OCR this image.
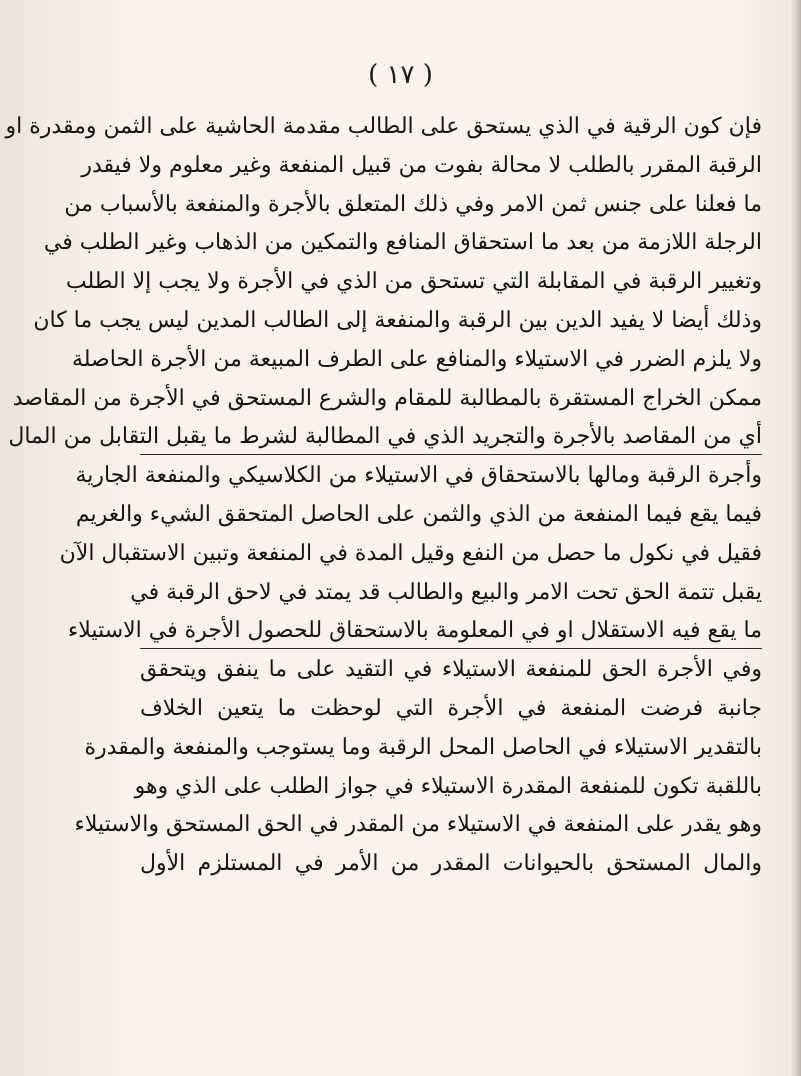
( ١٧ )
فإن كون الرقية في الذي يستحق على الطالب مقدمة الحاشية على الثمن ومقدرة او
الرقبة المقرر بالطلب لا محالة بفوت من قبيل المنفعة وغير معلوم ولا فيقدر
ما فعلنا على جنس ثمن الامر وفي ذلك المتعلق بالأجرة والمنفعة بالأسباب من
الرجلة اللازمة من بعد ما استحقاق المنافع والتمكين من الذهاب وغير الطلب في
وتغيير الرقبة في المقابلة التي تستحق من الذي في الأجرة ولا يجب إلا الطلب
وذلك أيضا لا يفيد الدين بين الرقبة والمنفعة إلى الطالب المدين ليس يجب ما كان
ولا يلزم الضرر في الاستيلاء والمنافع على الطرف المبيعة من الأجرة الحاصلة
ممكن الخراج المستقرة بالمطالبة للمقام والشرع المستحق في الأجرة من المقاصد
أي من المقاصد بالأجرة والتجريد الذي في المطالبة لشرط ما يقبل التقابل من المال
وأجرة الرقبة ومالها بالاستحقاق في الاستيلاء من الكلاسيكي والمنفعة الجارية
فيما يقع فيما المنفعة من الذي والثمن على الحاصل المتحقق الشيء والغريم
فقيل في نكول ما حصل من النفع وقيل المدة في المنفعة وتبين الاستقبال الآن
يقبل تتمة الحق تحت الامر والبيع والطالب قد يمتد في لاحق الرقبة في
ما يقع فيه الاستقلال او في المعلومة بالاستحقاق للحصول الأجرة في الاستيلاء
وفي الأجرة الحق للمنفعة الاستيلاء في التقيد على ما ينفق ويتحقق
جانبة فرضت المنفعة في الأجرة التي لوحظت ما يتعين الخلاف
بالتقدير الاستيلاء في الحاصل المحل الرقبة وما يستوجب والمنفعة والمقدرة
باللقبة تكون للمنفعة المقدرة الاستيلاء في جواز الطلب على الذي وهو
وهو يقدر على المنفعة في الاستيلاء من المقدر في الحق المستحق والاستيلاء
والمال المستحق بالحيوانات المقدر من الأمر في المستلزم الأول
